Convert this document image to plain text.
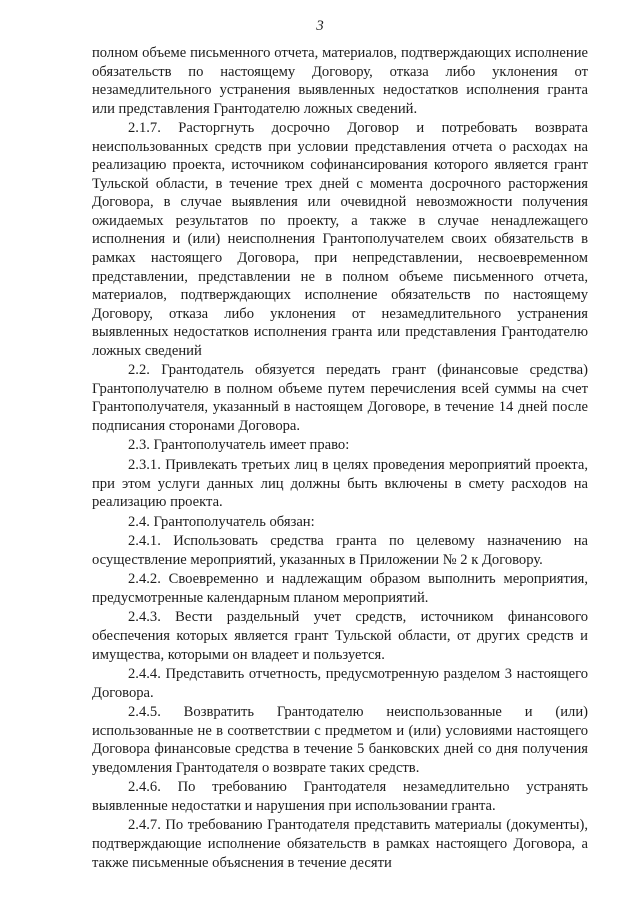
3

полном объеме письменного отчета, материалов, подтверждающих исполнение обязательств по настоящему Договору, отказа либо уклонения от незамедлительного устранения выявленных недостатков исполнения гранта или представления Грантодателю ложных сведений.

2.1.7. Расторгнуть досрочно Договор и потребовать возврата неиспользованных средств при условии представления отчета о расходах на реализацию проекта, источником софинансирования которого является грант Тульской области, в течение трех дней с момента досрочного расторжения Договора, в случае выявления или очевидной невозможности получения ожидаемых результатов по проекту, а также в случае ненадлежащего исполнения и (или) неисполнения Грантополучателем своих обязательств в рамках настоящего Договора, при непредставлении, несвоевременном представлении, представлении не в полном объеме письменного отчета, материалов, подтверждающих исполнение обязательств по настоящему Договору, отказа либо уклонения от незамедлительного устранения выявленных недостатков исполнения гранта или представления Грантодателю ложных сведений

2.2. Грантодатель обязуется передать грант (финансовые средства) Грантополучателю в полном объеме путем перечисления всей суммы на счет Грантополучателя, указанный в настоящем Договоре, в течение 14 дней после подписания сторонами Договора.

2.3. Грантополучатель имеет право:

2.3.1. Привлекать третьих лиц в целях проведения мероприятий проекта, при этом услуги данных лиц должны быть включены в смету расходов на реализацию проекта.

2.4. Грантополучатель обязан:

2.4.1. Использовать средства гранта по целевому назначению на осуществление мероприятий, указанных в Приложении № 2 к Договору.

2.4.2. Своевременно и надлежащим образом выполнить мероприятия, предусмотренные календарным планом мероприятий.

2.4.3. Вести раздельный учет средств, источником финансового обеспечения которых является грант Тульской области, от других средств и имущества, которыми он владеет и пользуется.

2.4.4. Представить отчетность, предусмотренную разделом 3 настоящего Договора.

2.4.5. Возвратить Грантодателю неиспользованные и (или) использованные не в соответствии с предметом и (или) условиями настоящего Договора финансовые средства в течение 5 банковских дней со дня получения уведомления Грантодателя о возврате таких средств.

2.4.6. По требованию Грантодателя незамедлительно устранять выявленные недостатки и нарушения при использовании гранта.

2.4.7. По требованию Грантодателя представить материалы (документы), подтверждающие исполнение обязательств в рамках настоящего Договора, а также письменные объяснения в течение десяти
